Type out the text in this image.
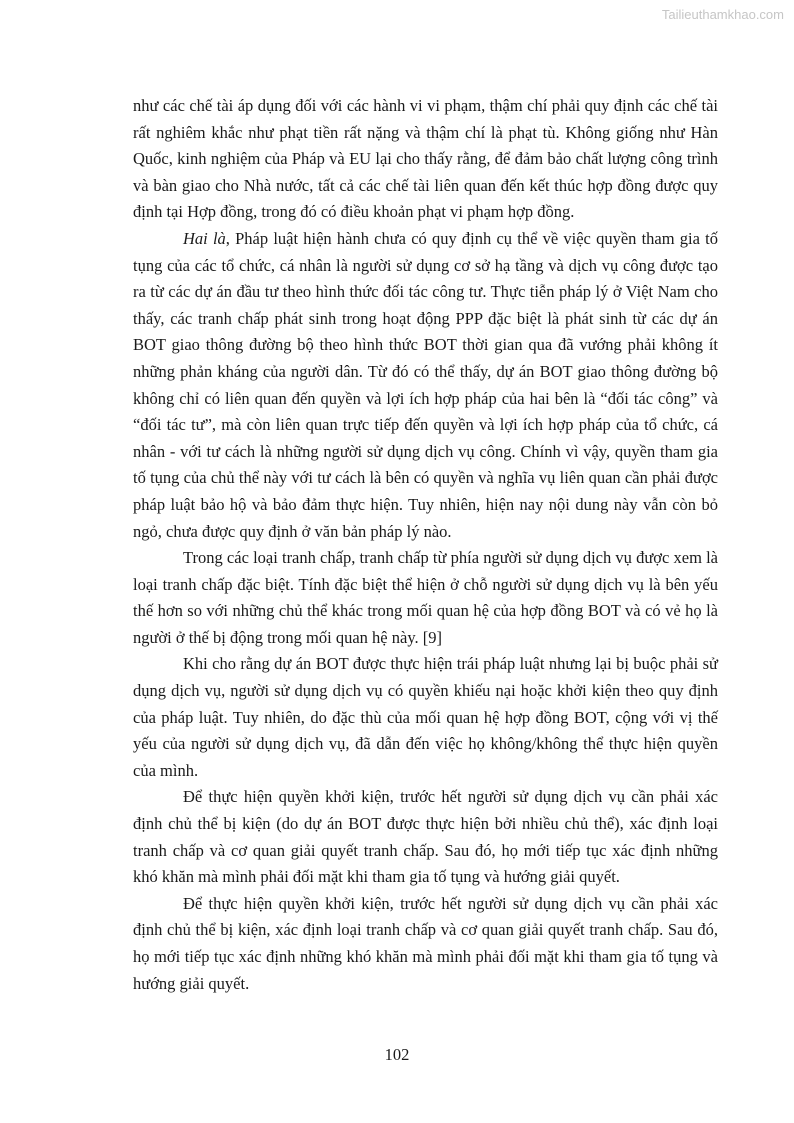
Tailieuthamkhao.com

như các chế tài áp dụng đối với các hành vi vi phạm, thậm chí phải quy định các chế tài rất nghiêm khắc như phạt tiền rất nặng và thậm chí là phạt tù. Không giống như Hàn Quốc, kinh nghiệm của Pháp và EU lại cho thấy rằng, để đảm bảo chất lượng công trình và bàn giao cho Nhà nước, tất cả các chế tài liên quan đến kết thúc hợp đồng được quy định tại Hợp đồng, trong đó có điều khoản phạt vi phạm hợp đồng.

Hai là, Pháp luật hiện hành chưa có quy định cụ thể về việc quyền tham gia tố tụng của các tổ chức, cá nhân là người sử dụng cơ sở hạ tầng và dịch vụ công được tạo ra từ các dự án đầu tư theo hình thức đối tác công tư. Thực tiễn pháp lý ở Việt Nam cho thấy, các tranh chấp phát sinh trong hoạt động PPP đặc biệt là phát sinh từ các dự án BOT giao thông đường bộ theo hình thức BOT thời gian qua đã vướng phải không ít những phản kháng của người dân. Từ đó có thể thấy, dự án BOT giao thông đường bộ không chỉ có liên quan đến quyền và lợi ích hợp pháp của hai bên là “đối tác công” và “đối tác tư”, mà còn liên quan trực tiếp đến quyền và lợi ích hợp pháp của tổ chức, cá nhân - với tư cách là những người sử dụng dịch vụ công. Chính vì vậy, quyền tham gia tố tụng của chủ thể này với tư cách là bên có quyền và nghĩa vụ liên quan cần phải được pháp luật bảo hộ và bảo đảm thực hiện. Tuy nhiên, hiện nay nội dung này vẫn còn bỏ ngỏ, chưa được quy định ở văn bản pháp lý nào.

Trong các loại tranh chấp, tranh chấp từ phía người sử dụng dịch vụ được xem là loại tranh chấp đặc biệt. Tính đặc biệt thể hiện ở chỗ người sử dụng dịch vụ là bên yếu thế hơn so với những chủ thể khác trong mối quan hệ của hợp đồng BOT và có vẻ họ là người ở thế bị động trong mối quan hệ này. [9]

Khi cho rằng dự án BOT được thực hiện trái pháp luật nhưng lại bị buộc phải sử dụng dịch vụ, người sử dụng dịch vụ có quyền khiếu nại hoặc khởi kiện theo quy định của pháp luật. Tuy nhiên, do đặc thù của mối quan hệ hợp đồng BOT, cộng với vị thế yếu của người sử dụng dịch vụ, đã dẫn đến việc họ không/không thể thực hiện quyền của mình.

Để thực hiện quyền khởi kiện, trước hết người sử dụng dịch vụ cần phải xác định chủ thể bị kiện (do dự án BOT được thực hiện bởi nhiều chủ thể), xác định loại tranh chấp và cơ quan giải quyết tranh chấp. Sau đó, họ mới tiếp tục xác định những khó khăn mà mình phải đối mặt khi tham gia tố tụng và hướng giải quyết.

Để thực hiện quyền khởi kiện, trước hết người sử dụng dịch vụ cần phải xác định chủ thể bị kiện, xác định loại tranh chấp và cơ quan giải quyết tranh chấp. Sau đó, họ mới tiếp tục xác định những khó khăn mà mình phải đối mặt khi tham gia tố tụng và hướng giải quyết.

102
